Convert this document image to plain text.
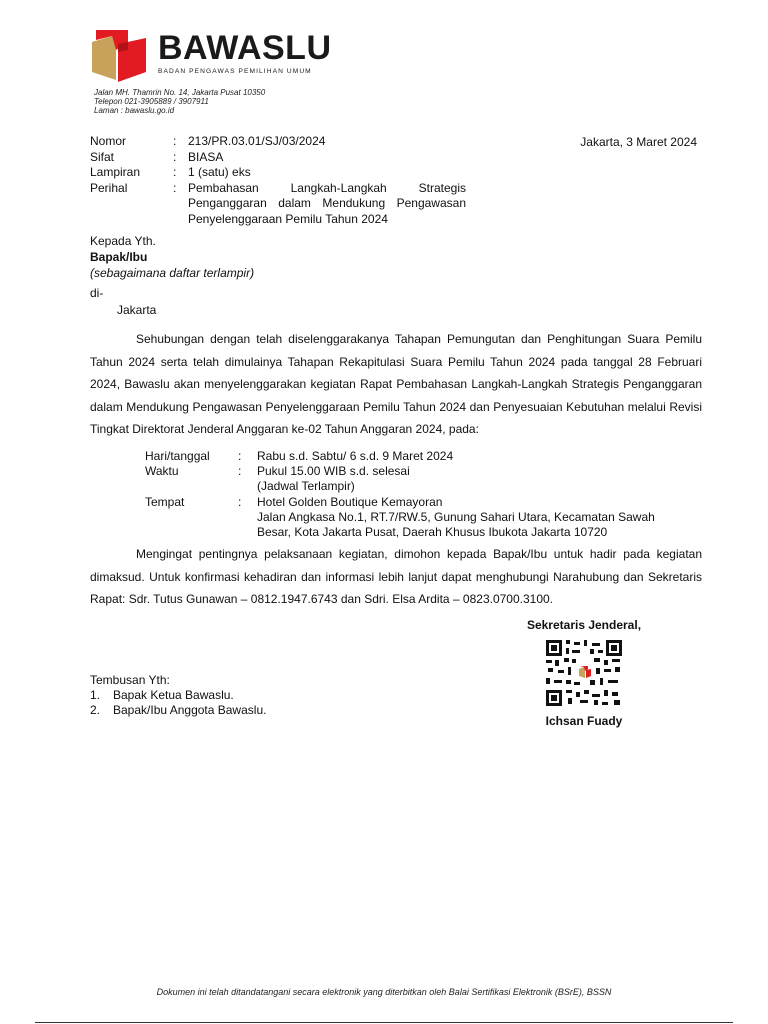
BAWASLU
BADAN PENGAWAS PEMILIHAN UMUM
Jalan MH. Thamrin No. 14, Jakarta Pusat 10350
Telepon 021-3905889 / 3907911
Laman : bawaslu.go.id
Jakarta, 3 Maret 2024
Nomor	: 213/PR.03.01/SJ/03/2024
Sifat	: BIASA
Lampiran	: 1 (satu) eks
Perihal	: Pembahasan Langkah-Langkah Strategis Penganggaran dalam Mendukung Pengawasan Penyelenggaraan Pemilu Tahun 2024
Kepada Yth.
Bapak/Ibu
(sebagaimana daftar terlampir)
di-
Jakarta
Sehubungan dengan telah diselenggarakanya Tahapan Pemungutan dan Penghitungan Suara Pemilu Tahun 2024 serta telah dimulainya Tahapan Rekapitulasi Suara Pemilu Tahun 2024 pada tanggal 28 Februari 2024, Bawaslu akan menyelenggarakan kegiatan Rapat Pembahasan Langkah-Langkah Strategis Penganggaran dalam Mendukung Pengawasan Penyelenggaraan Pemilu Tahun 2024 dan Penyesuaian Kebutuhan melalui Revisi Tingkat Direktorat Jenderal Anggaran ke-02 Tahun Anggaran 2024, pada:
Hari/tanggal : Rabu s.d. Sabtu/ 6 s.d. 9 Maret 2024
Waktu	: Pukul 15.00 WIB s.d. selesai
(Jadwal Terlampir)
Tempat	: Hotel Golden Boutique Kemayoran
Jalan Angkasa No.1, RT.7/RW.5, Gunung Sahari Utara, Kecamatan Sawah Besar, Kota Jakarta Pusat, Daerah Khusus Ibukota Jakarta 10720
Mengingat pentingnya pelaksanaan kegiatan, dimohon kepada Bapak/Ibu untuk hadir pada kegiatan dimaksud. Untuk konfirmasi kehadiran dan informasi lebih lanjut dapat menghubungi Narahubung dan Sekretaris Rapat: Sdr. Tutus Gunawan – 0812.1947.6743 dan Sdri. Elsa Ardita – 0823.0700.3100.
Sekretaris Jenderal,
Ichsan Fuady
Tembusan Yth:
1. Bapak Ketua Bawaslu.
2. Bapak/Ibu Anggota Bawaslu.
Dokumen ini telah ditandatangani secara elektronik yang diterbitkan oleh Balai Sertifikasi Elektronik (BSrE), BSSN
